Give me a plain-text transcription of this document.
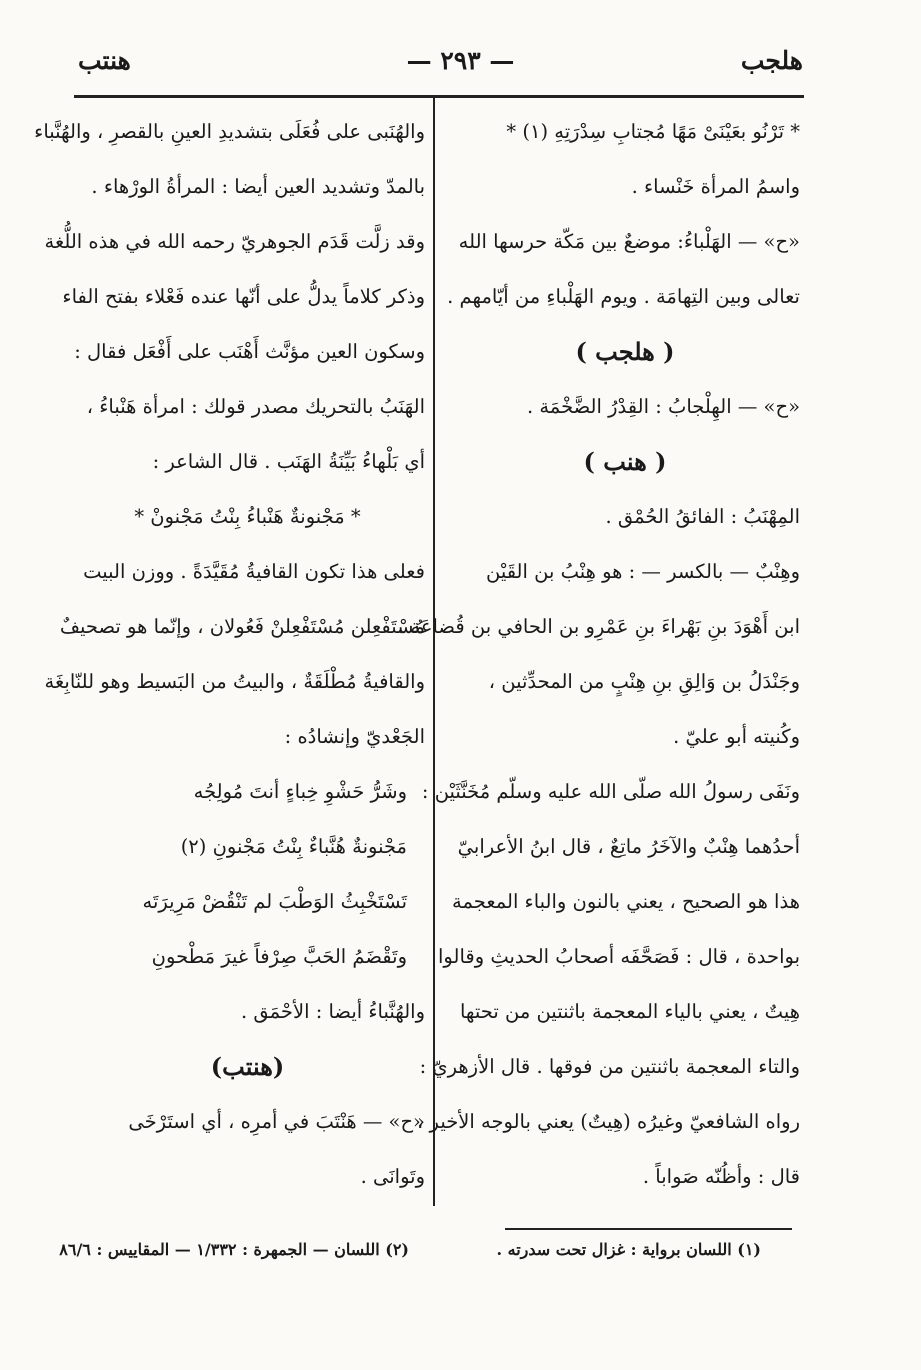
هلجب
— ٢٩٣ —
هنتب
* تَرْنُو بعَيْنَىْ مَهًا مُجتابِ سِدْرَتِهِ (١) *
واسمُ المرأة خَنْساء .
«ح» — الهَلْباءُ: موضعٌ بين مَكّة حرسها الله
تعالى وبين التِهامَة . ويوم الهَلْباءِ من أيّامهم .
( هلجب )
«ح» — الهِلْجابُ : القِدْرُ الضَّخْمَة .
( هنب )
المِهْنَبُ : الفائقُ الحُمْق .
وهِنْبٌ — بالكسر — : هو هِنْبُ بن القَيْن
ابن أَهْوَدَ بنِ بَهْراءَ بنِ عَمْرِو بن الحافي بن قُضاعَة .
وجَنْدَلُ بن وَالِقِ بنِ هِنْبٍ من المحدِّثين ،
وكُنيته أبو عليّ .
ونَفَى رسولُ الله صلّى الله عليه وسلّم مُخَنَّثَيْن :
أحدُهما هِنْبٌ والآخَرُ ماتِعٌ ، قال ابنُ الأعرابيّ
هذا هو الصحيح ، يعني بالنون والباء المعجمة
بواحدة ، قال : فَصَحَّفَه أصحابُ الحديثِ وقالوا
هِيتٌ ، يعني بالياء المعجمة باثنتين من تحتها
والتاء المعجمة باثنتين من فوقها . قال الأزهريّ :
رواه الشافعيّ وغيرُه (هِيتٌ) يعني بالوجه الأخير ،
قال : وأظُنّه صَواباً .
والهُنَبى على فُعَلَى بتشديدِ العينِ بالقصرِ ، والهُنَّباء
بالمدّ وتشديد العين أيضا : المرأةُ الورْهاء .
وقد زلَّت قَدَم الجوهريّ رحمه الله في هذه اللُّغة
وذكر كلاماً يدلُّ على أنّها عنده فَعْلاء بفتح الفاء
وسكون العين مؤنَّث أَهْنَب على أَفْعَل فقال :
الهَنَبُ بالتحريك مصدر قولك : امرأة هَنْباءُ ،
أي بَلْهاءُ بَيِّنَةُ الهَنَب . قال الشاعر :
* مَجْنونةٌ هَنْباءُ بِنْتُ مَجْنونْ *
فعلى هذا تكون القافيةُ مُقَيَّدَةً . ووزن البيت
مُسْتَفْعِلن مُسْتَفْعِلنْ فَعُولان ، وإنّما هو تصحيفٌ
والقافيةُ مُطْلَقَةٌ ، والبيتُ من البَسيط وهو للنّابِغَة
الجَعْديّ وإنشادُه :
وشَرُّ حَشْوِ خِباءٍ أنتَ مُولِجُه
مَجْنونةٌ هُنَّباءٌ بِنْتُ مَجْنونِ (٢)
تَسْتَخْبِثُ الوَطْبَ لم تَنْقُضْ مَرِيرَتَه
وتَقْضَمُ الحَبَّ صِرْفاً غيرَ مَطْحونِ
والهُنَّباءُ أيضا : الأحْمَق .
(هنتب)
«ح» — هَنْتَبَ في أمرِه ، أي استَرْخَى
وتَوانَى .
(١) اللسان برواية : غزال تحت سدرته .
(٢) اللسان — الجمهرة : ١/٣٣٢ — المقاييس : ٨٦/٦
